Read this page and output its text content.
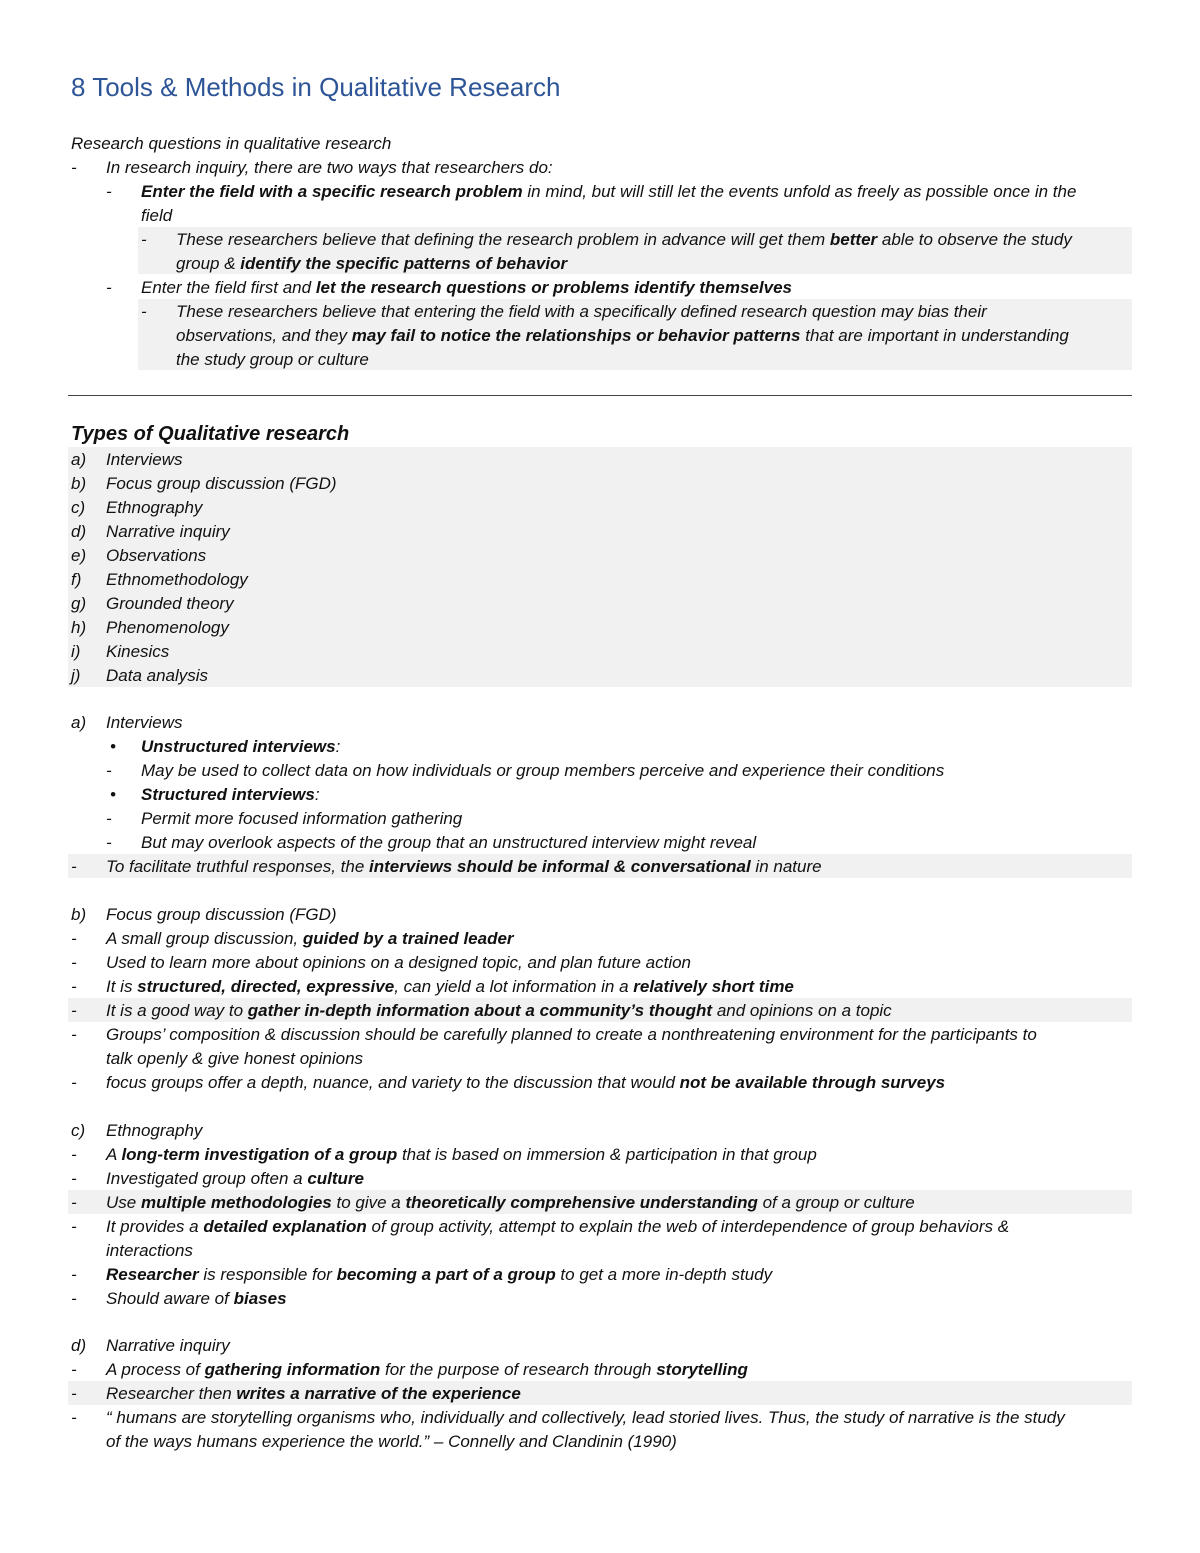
8 Tools & Methods in Qualitative Research
Research questions in qualitative research
- In research inquiry, there are two ways that researchers do:
- Enter the field with a specific research problem in mind, but will still let the events unfold as freely as possible once in the
field
- These researchers believe that defining the research problem in advance will get them better able to observe the study
group & identify the specific patterns of behavior
- Enter the field first and let the research questions or problems identify themselves
- These researchers believe that entering the field with a specifically defined research question may bias their
observations, and they may fail to notice the relationships or behavior patterns that are important in understanding
the study group or culture
Types of Qualitative research
a) Interviews
• Unstructured interviews:
- May be used to collect data on how individuals or group members perceive and experience their conditions
• Structured interviews:
- Permit more focused information gathering
- But may overlook aspects of the group that an unstructured interview might reveal
- To facilitate truthful responses, the interviews should be informal & conversational in nature
b) Focus group discussion (FGD)
- A small group discussion, guided by a trained leader
- Used to learn more about opinions on a designed topic, and plan future action
- It is structured, directed, expressive, can yield a lot information in a relatively short time
- It is a good way to gather in-depth information about a community’s thought and opinions on a topic
- Groups’ composition & discussion should be carefully planned to create a nonthreatening environment for the participants to
talk openly & give honest opinions
- focus groups offer a depth, nuance, and variety to the discussion that would not be available through surveys
c) Ethnography
- A long-term investigation of a group that is based on immersion & participation in that group
- Investigated group often a culture
- Use multiple methodologies to give a theoretically comprehensive understanding of a group or culture
- It provides a detailed explanation of group activity, attempt to explain the web of interdependence of group behaviors &
interactions
- Researcher is responsible for becoming a part of a group to get a more in-depth study
- Should aware of biases
d) Narrative inquiry
- A process of gathering information for the purpose of research through storytelling
- Researcher then writes a narrative of the experience
- “ humans are storytelling organisms who, individually and collectively, lead storied lives. Thus, the study of narrative is the study
of the ways humans experience the world.” – Connelly and Clandinin (1990)
a) Interviews
b) Focus group discussion (FGD)
c) Ethnography
d) Narrative inquiry
e) Observations
f) Ethnomethodology
g) Grounded theory
h) Phenomenology
i) Kinesics
j) Data analysis
